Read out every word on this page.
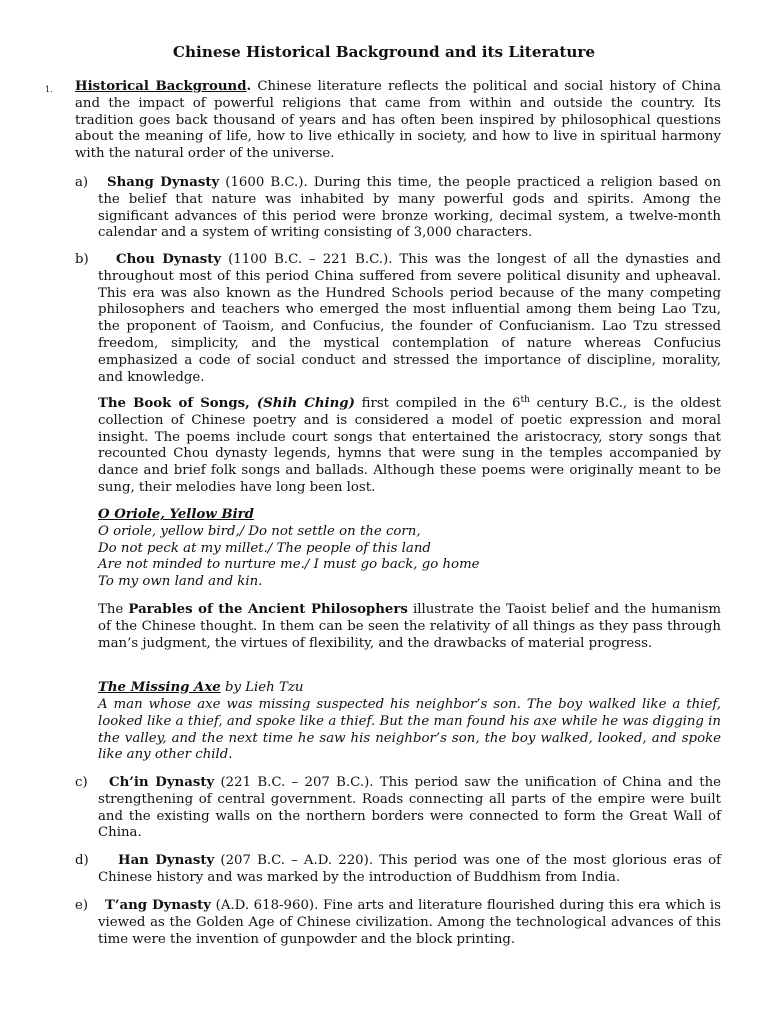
Chinese Historical Background and its Literature
1. Historical Background. Chinese literature reflects the political and social history of China and the impact of powerful religions that came from within and outside the country. Its tradition goes back thousand of years and has often been inspired by philosophical questions about the meaning of life, how to live ethically in society, and how to live in spiritual harmony with the natural order of the universe.
a)	Shang Dynasty (1600 B.C.). During this time, the people practiced a religion based on the belief that nature was inhabited by many powerful gods and spirits. Among the significant advances of this period were bronze working, decimal system, a twelve-month calendar and a system of writing consisting of 3,000 characters.
b)	Chou Dynasty (1100 B.C. – 221 B.C.). This was the longest of all the dynasties and throughout most of this period China suffered from severe political disunity and upheaval. This era was also known as the Hundred Schools period because of the many competing philosophers and teachers who emerged the most influential among them being Lao Tzu, the proponent of Taoism, and Confucius, the founder of Confucianism. Lao Tzu stressed freedom, simplicity, and the mystical contemplation of nature whereas Confucius emphasized a code of social conduct and stressed the importance of discipline, morality, and knowledge.
The Book of Songs, (Shih Ching) first compiled in the 6th century B.C., is the oldest collection of Chinese poetry and is considered a model of poetic expression and moral insight. The poems include court songs that entertained the aristocracy, story songs that recounted Chou dynasty legends, hymns that were sung in the temples accompanied by dance and brief folk songs and ballads. Although these poems were originally meant to be sung, their melodies have long been lost.
O Oriole, Yellow Bird
O oriole, yellow bird,/ Do not settle on the corn,
Do not peck at my millet./ The people of this land
Are not minded to nurture me./ I must go back, go home
To my own land and kin.
The Parables of the Ancient Philosophers illustrate the Taoist belief and the humanism of the Chinese thought. In them can be seen the relativity of all things as they pass through man’s judgment, the virtues of flexibility, and the drawbacks of material progress.
The Missing Axe by Lieh Tzu
A man whose axe was missing suspected his neighbor’s son. The boy walked like a thief, looked like a thief, and spoke like a thief. But the man found his axe while he was digging in the valley, and the next time he saw his neighbor’s son, the boy walked, looked, and spoke like any other child.
c)	Ch’in Dynasty (221 B.C. – 207 B.C.). This period saw the unification of China and the strengthening of central government. Roads connecting all parts of the empire were built and the existing walls on the northern borders were connected to form the Great Wall of China.
d)	Han Dynasty (207 B.C. – A.D. 220). This period was one of the most glorious eras of Chinese history and was marked by the introduction of Buddhism from India.
e)	T’ang Dynasty (A.D. 618-960). Fine arts and literature flourished during this era which is viewed as the Golden Age of Chinese civilization. Among the technological advances of this time were the invention of gunpowder and the block printing.
